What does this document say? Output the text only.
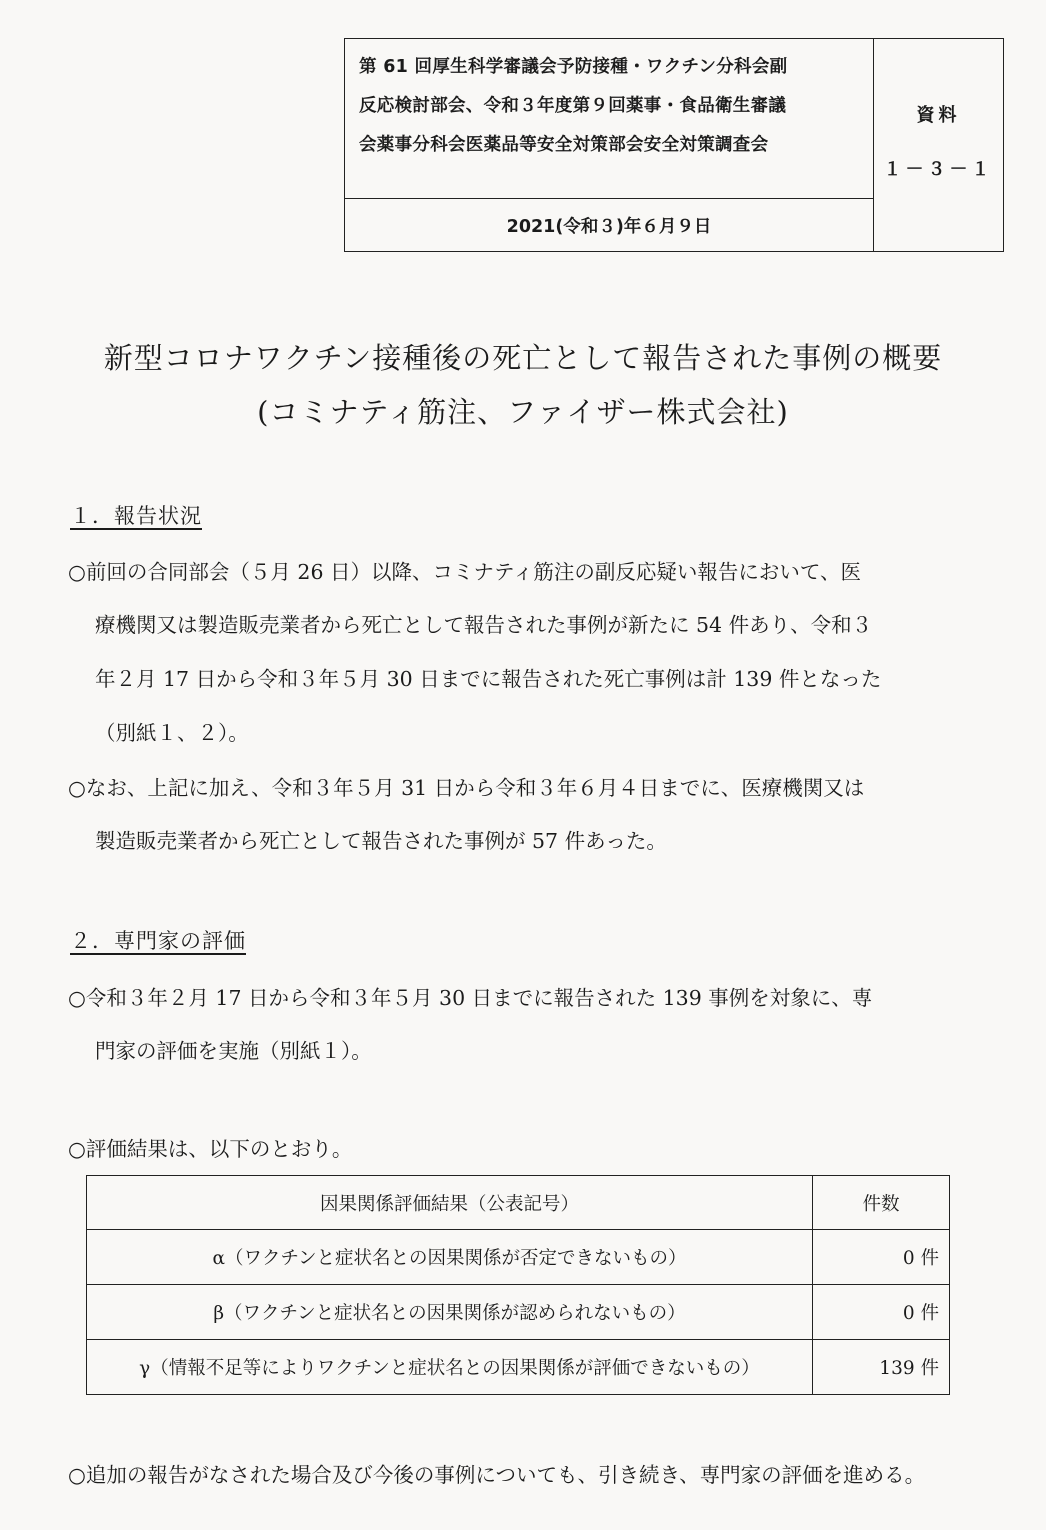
第 61 回厚生科学審議会予防接種・ワクチン分科会副
反応検討部会、令和３年度第９回薬事・食品衛生審議
会薬事分科会医薬品等安全対策部会安全対策調査会
資料
１－３－１
2021(令和３)年６月９日
新型コロナワクチン接種後の死亡として報告された事例の概要
(コミナティ筋注、ファイザー株式会社)
１．報告状況
○前回の合同部会（５月 26 日）以降、コミナティ筋注の副反応疑い報告において、医
療機関又は製造販売業者から死亡として報告された事例が新たに 54 件あり、令和３
年２月 17 日から令和３年５月 30 日までに報告された死亡事例は計 139 件となった
（別紙１、２）。
○なお、上記に加え、令和３年５月 31 日から令和３年６月４日までに、医療機関又は
製造販売業者から死亡として報告された事例が 57 件あった。
２．専門家の評価
○令和３年２月 17 日から令和３年５月 30 日までに報告された 139 事例を対象に、専
門家の評価を実施（別紙１）。
○評価結果は、以下のとおり。
因果関係評価結果（公表記号）	件数
α（ワクチンと症状名との因果関係が否定できないもの）	0 件
β（ワクチンと症状名との因果関係が認められないもの）	0 件
γ（情報不足等によりワクチンと症状名との因果関係が評価できないもの）	139 件
○追加の報告がなされた場合及び今後の事例についても、引き続き、専門家の評価を進める。
